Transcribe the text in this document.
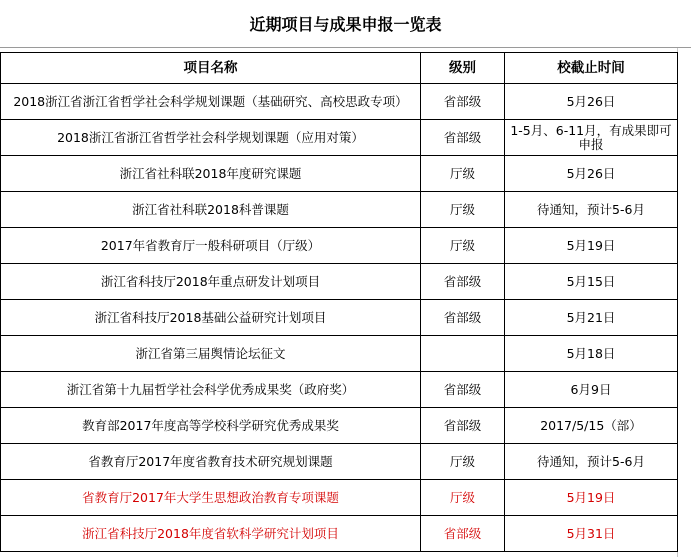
近期项目与成果申报一览表
项目名称	级别	校截止时间
2018浙江省浙江省哲学社会科学规划课题（基础研究、高校思政专项）	省部级	5月26日
2018浙江省浙江省哲学社会科学规划课题（应用对策）	省部级	1-5月、6-11月，有成果即可申报
浙江省社科联2018年度研究课题	厅级	5月26日
浙江省社科联2018科普课题	厅级	待通知，预计5-6月
2017年省教育厅一般科研项目（厅级）	厅级	5月19日
浙江省科技厅2018年重点研发计划项目	省部级	5月15日
浙江省科技厅2018基础公益研究计划项目	省部级	5月21日
浙江省第三届舆情论坛征文		5月18日
浙江省第十九届哲学社会科学优秀成果奖（政府奖）	省部级	6月9日
教育部2017年度高等学校科学研究优秀成果奖	省部级	2017/5/15（部）
省教育厅2017年度省教育技术研究规划课题	厅级	待通知，预计5-6月
省教育厅2017年大学生思想政治教育专项课题	厅级	5月19日
浙江省科技厅2018年度省软科学研究计划项目	省部级	5月31日
